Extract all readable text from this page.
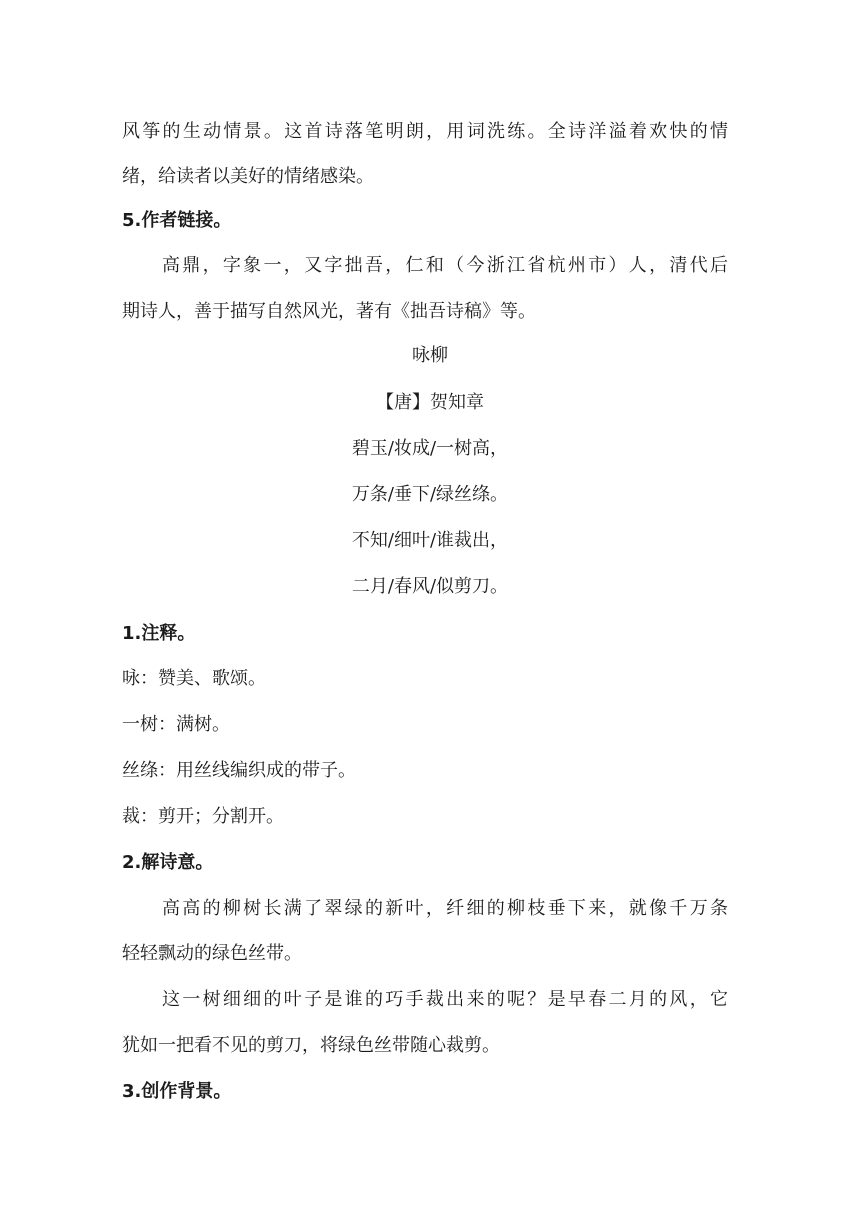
风筝的生动情景。这首诗落笔明朗，用词洗练。全诗洋溢着欢快的情
绪，给读者以美好的情绪感染。
5.作者链接。
高鼎，字象一，又字拙吾，仁和（今浙江省杭州市）人，清代后
期诗人，善于描写自然风光，著有《拙吾诗稿》等。
咏柳
【唐】贺知章
碧玉/妆成/一树高，
万条/垂下/绿丝绦。
不知/细叶/谁裁出，
二月/春风/似剪刀。
1.注释。
咏：赞美、歌颂。
一树：满树。
丝绦：用丝线编织成的带子。
裁：剪开；分割开。
2.解诗意。
高高的柳树长满了翠绿的新叶，纤细的柳枝垂下来，就像千万条
轻轻飘动的绿色丝带。
这一树细细的叶子是谁的巧手裁出来的呢？是早春二月的风，它
犹如一把看不见的剪刀，将绿色丝带随心裁剪。
3.创作背景。
